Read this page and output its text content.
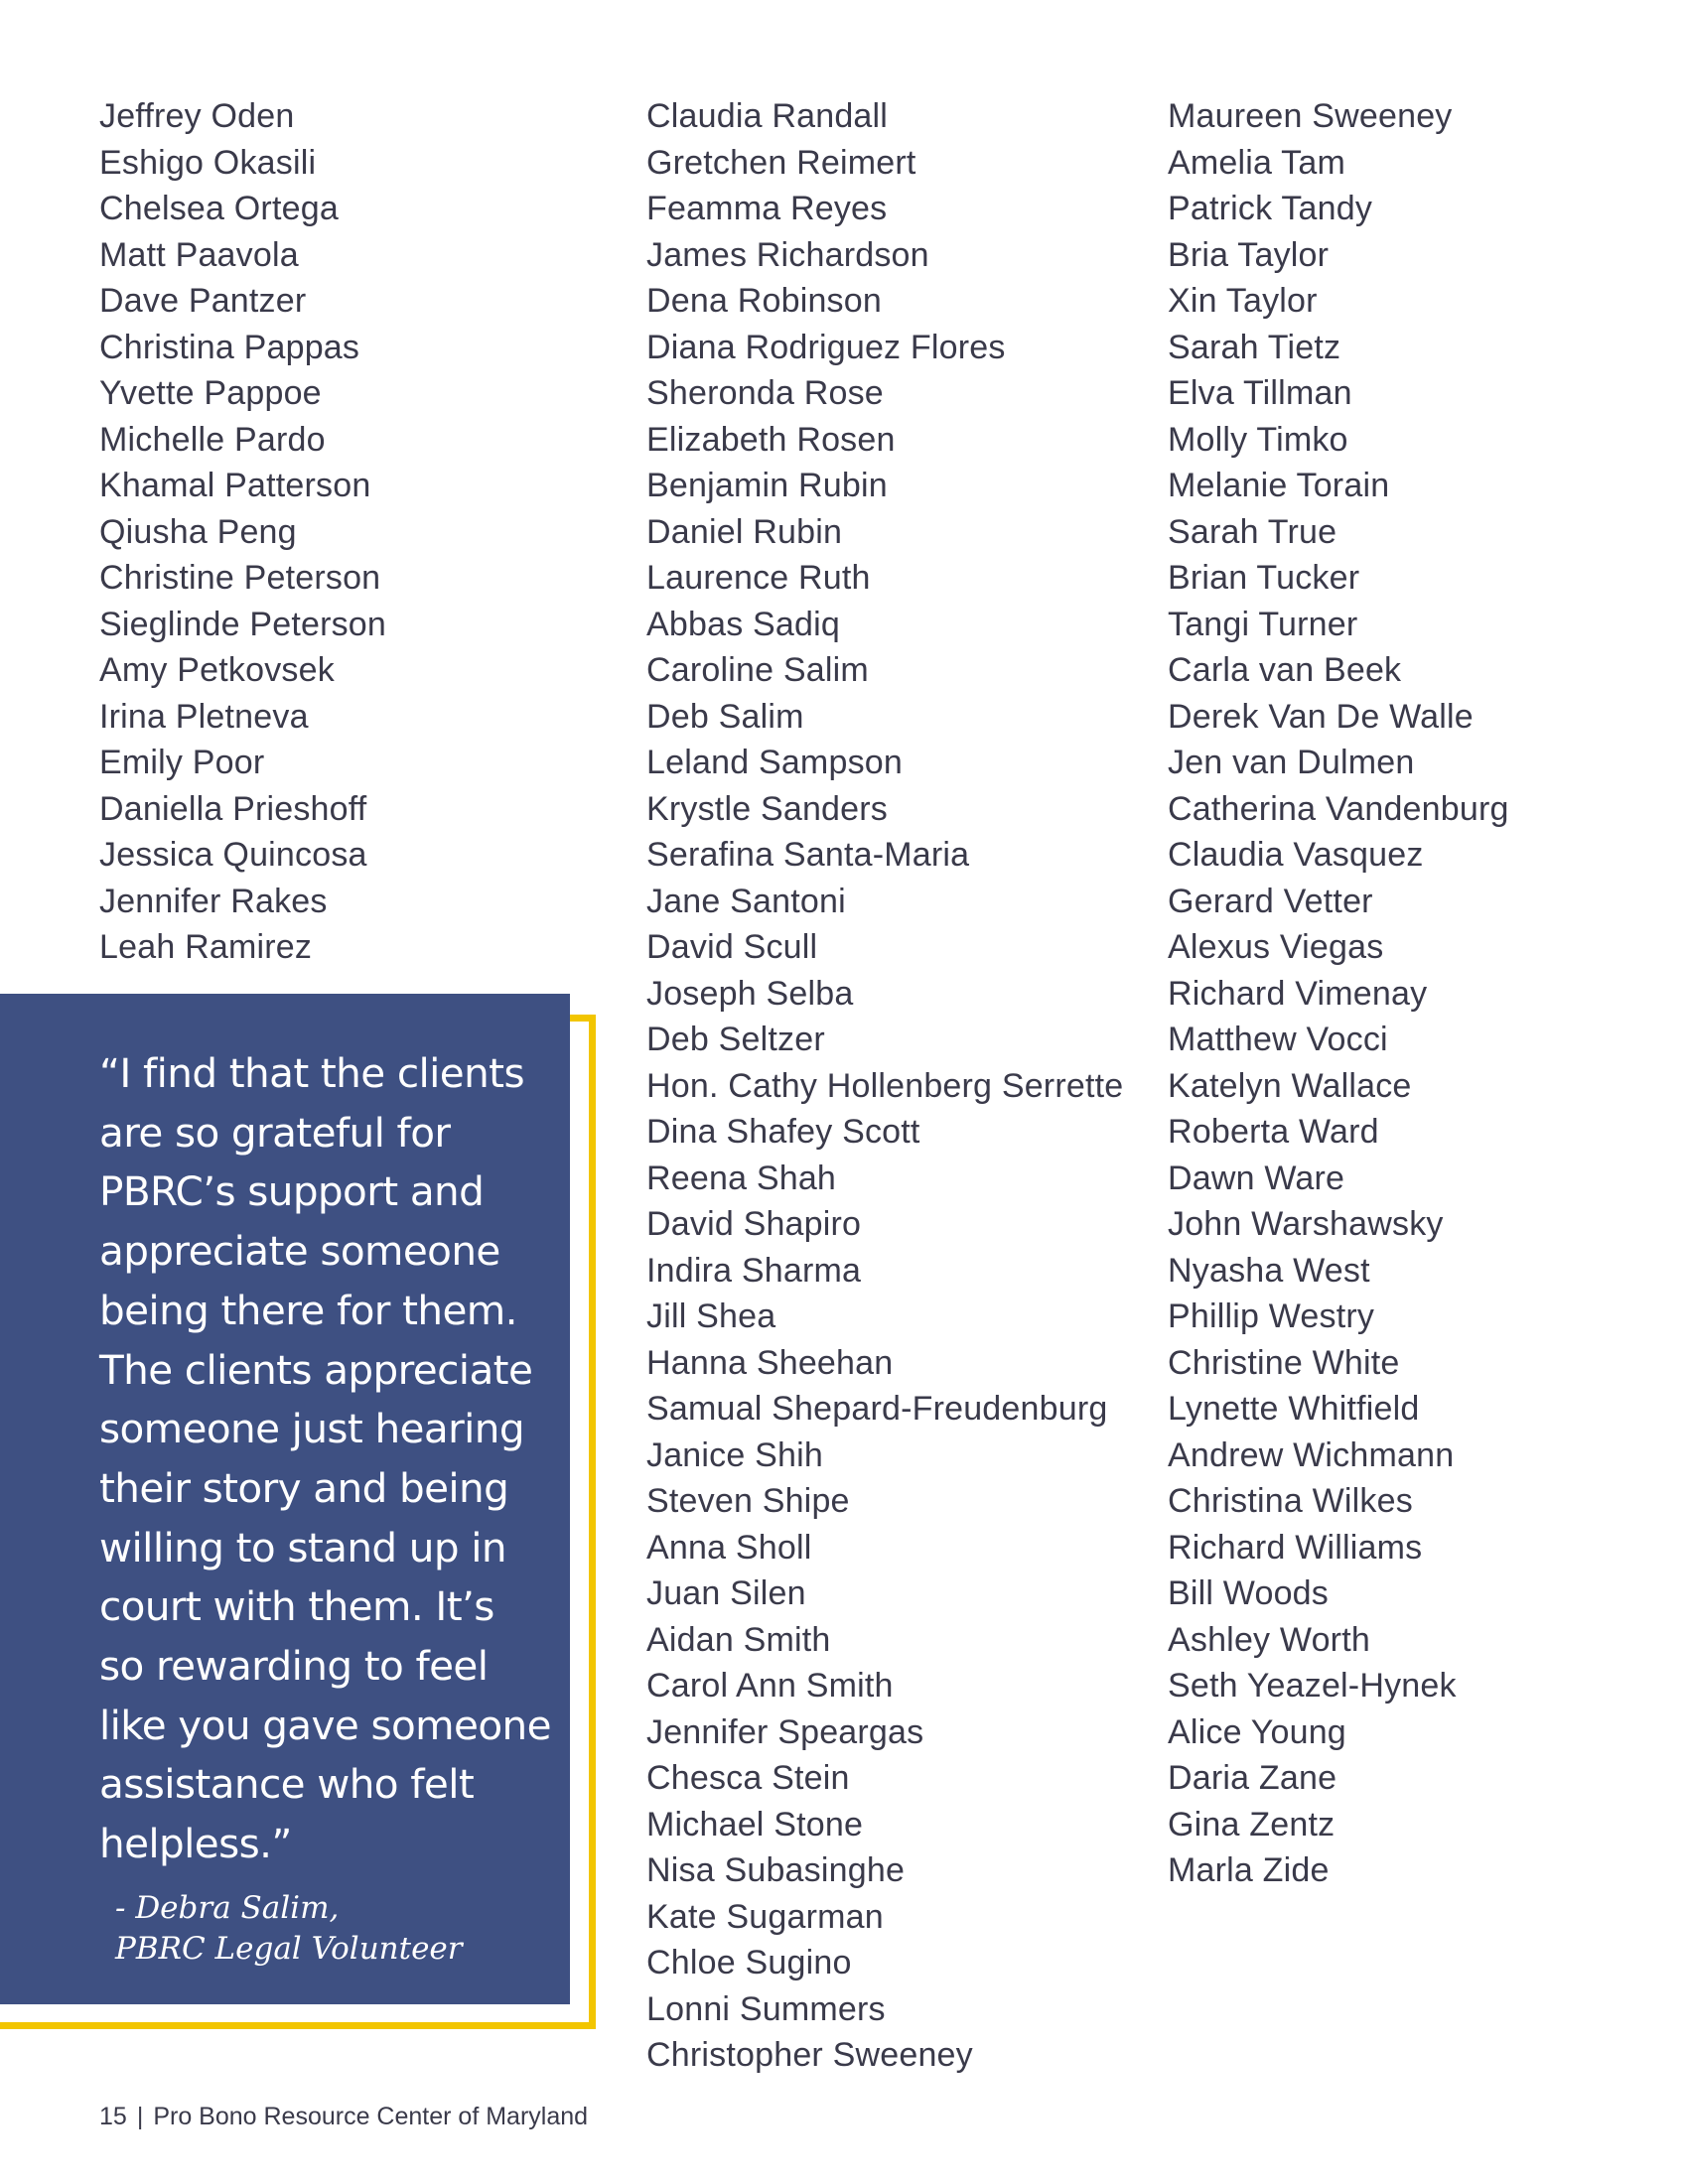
Jeffrey Oden
Eshigo Okasili
Chelsea Ortega
Matt Paavola
Dave Pantzer
Christina Pappas
Yvette Pappoe
Michelle Pardo
Khamal Patterson
Qiusha Peng
Christine Peterson
Sieglinde Peterson
Amy Petkovsek
Irina Pletneva
Emily Poor
Daniella Prieshoff
Jessica Quincosa
Jennifer Rakes
Leah Ramirez
Claudia Randall
Gretchen Reimert
Feamma Reyes
James Richardson
Dena Robinson
Diana Rodriguez Flores
Sheronda Rose
Elizabeth Rosen
Benjamin Rubin
Daniel Rubin
Laurence Ruth
Abbas Sadiq
Caroline Salim
Deb Salim
Leland Sampson
Krystle Sanders
Serafina Santa-Maria
Jane Santoni
David Scull
Joseph Selba
Deb Seltzer
Hon. Cathy Hollenberg Serrette
Dina Shafey Scott
Reena Shah
David Shapiro
Indira Sharma
Jill Shea
Hanna Sheehan
Samual Shepard-Freudenburg
Janice Shih
Steven Shipe
Anna Sholl
Juan Silen
Aidan Smith
Carol Ann Smith
Jennifer Speargas
Chesca Stein
Michael Stone
Nisa Subasinghe
Kate Sugarman
Chloe Sugino
Lonni Summers
Christopher Sweeney
Maureen Sweeney
Amelia Tam
Patrick Tandy
Bria Taylor
Xin Taylor
Sarah Tietz
Elva Tillman
Molly Timko
Melanie Torain
Sarah True
Brian Tucker
Tangi Turner
Carla van Beek
Derek Van De Walle
Jen van Dulmen
Catherina Vandenburg
Claudia Vasquez
Gerard Vetter
Alexus Viegas
Richard Vimenay
Matthew Vocci
Katelyn Wallace
Roberta Ward
Dawn Ware
John Warshawsky
Nyasha West
Phillip Westry
Christine White
Lynette Whitfield
Andrew Wichmann
Christina Wilkes
Richard Williams
Bill Woods
Ashley Worth
Seth Yeazel-Hynek
Alice Young
Daria Zane
Gina Zentz
Marla Zide

“I find that the clients
are so grateful for
PBRC’s support and
appreciate someone
being there for them.
The clients appreciate
someone just hearing
their story and being
willing to stand up in
court with them. It’s
so rewarding to feel
like you gave someone
assistance who felt
helpless.”

- Debra Salim,
PBRC Legal Volunteer

15 | Pro Bono Resource Center of Maryland
